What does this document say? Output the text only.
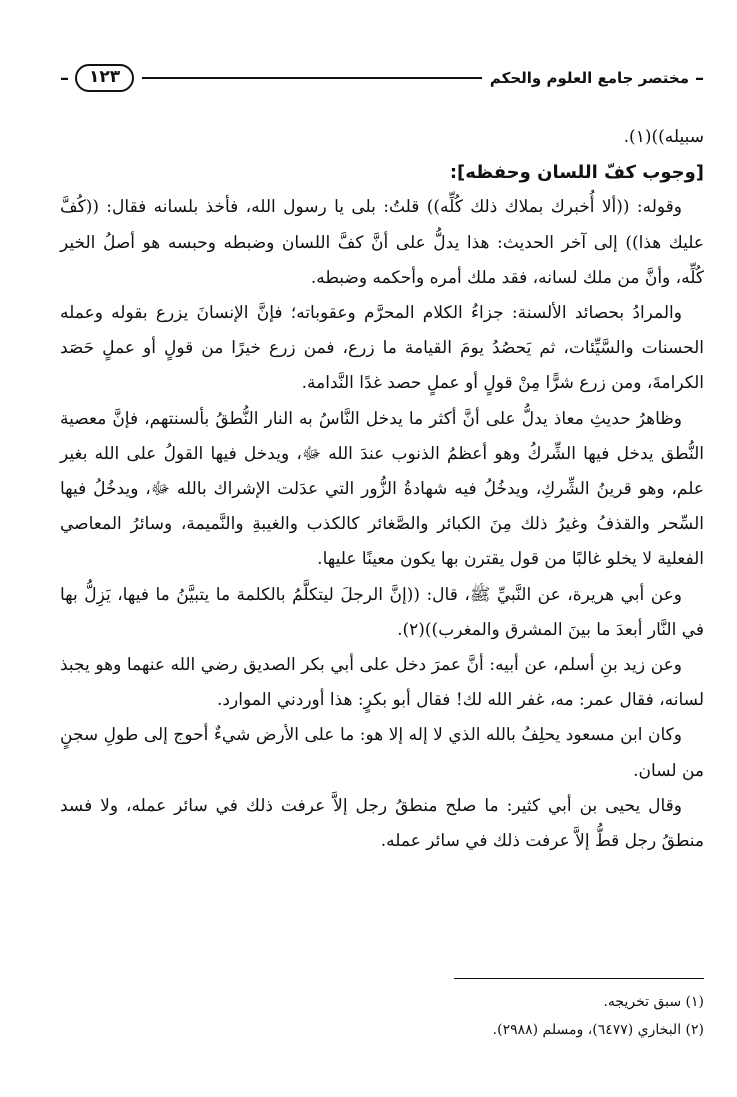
–
مختصر جامع العلوم والحكم
١٢٣
–

سبيله))(١).

[وجوب كفّ اللسان وحفظه]:

وقوله: ((ألا أُخبرك بملاك ذلك كُلِّه)) قلتُ: بلى يا رسول الله، فأخذ بلسانه فقال: ((كُفَّ عليك هذا)) إلى آخر الحديث: هذا يدلُّ على أنَّ كفَّ اللسان وضبطه وحبسه هو أصلُ الخير كُلِّه، وأنَّ من ملك لسانه، فقد ملك أمره وأحكمه وضبطه.

والمرادُ بحصائد الألسنة: جزاءُ الكلام المحرَّم وعقوباته؛ فإنَّ الإنسانَ يزرع بقوله وعمله الحسنات والسَّيِّئات، ثم يَحصُدُ يومَ القيامة ما زرع، فمن زرع خيرًا من قولٍ أو عملٍ حَصَد الكرامةَ، ومن زرع شرًّا مِنْ قولٍ أو عملٍ حصد غدًا النَّدامة.

وظاهرُ حديثِ معاذ يدلُّ على أنَّ أكثر ما يدخل النَّاسُ به النار النُّطقُ بألسنتهم، فإنَّ معصية النُّطق يدخل فيها الشِّركُ وهو أعظمُ الذنوب عندَ الله ﷻ، ويدخل فيها القولُ على الله بغير علم، وهو قرينُ الشِّركِ، ويدخُلُ فيه شهادةُ الزُّور التي عدَلت الإشراك بالله ﷻ، ويدخُلُ فيها السِّحر والقذفُ وغيرُ ذلك مِنَ الكبائر والصَّغائر كالكذب والغيبةِ والنَّميمة، وسائرُ المعاصي الفعلية لا يخلو غالبًا من قول يقترن بها يكون معينًا عليها.

وعن أبي هريرة، عن النَّبيِّ ﷺ، قال: ((إنَّ الرجلَ ليتكلَّمُ بالكلمة ما يتبيَّنُ ما فيها، يَزِلُّ بها في النَّار أبعدَ ما بينَ المشرق والمغرب))(٢).

وعن زيد بنِ أسلم، عن أبيه: أنَّ عمرَ دخل على أبي بكر الصديق رضي الله عنهما وهو يجبذ لسانه، فقال عمر: مه، غفر الله لك! فقال أبو بكرٍ: هذا أوردني الموارد.

وكان ابن مسعود يحلِفُ بالله الذي لا إله إلا هو: ما على الأرض شيءٌ أحوج إلى طولِ سجنٍ من لسان.

وقال يحيى بن أبي كثير: ما صلح منطقُ رجل إلاَّ عرفت ذلك في سائر عمله، ولا فسد منطقُ رجل قطُّ إلاَّ عرفت ذلك في سائر عمله.

(١) سبق تخريجه.
(٢) البخاري (٦٤٧٧)، ومسلم (٢٩٨٨).
